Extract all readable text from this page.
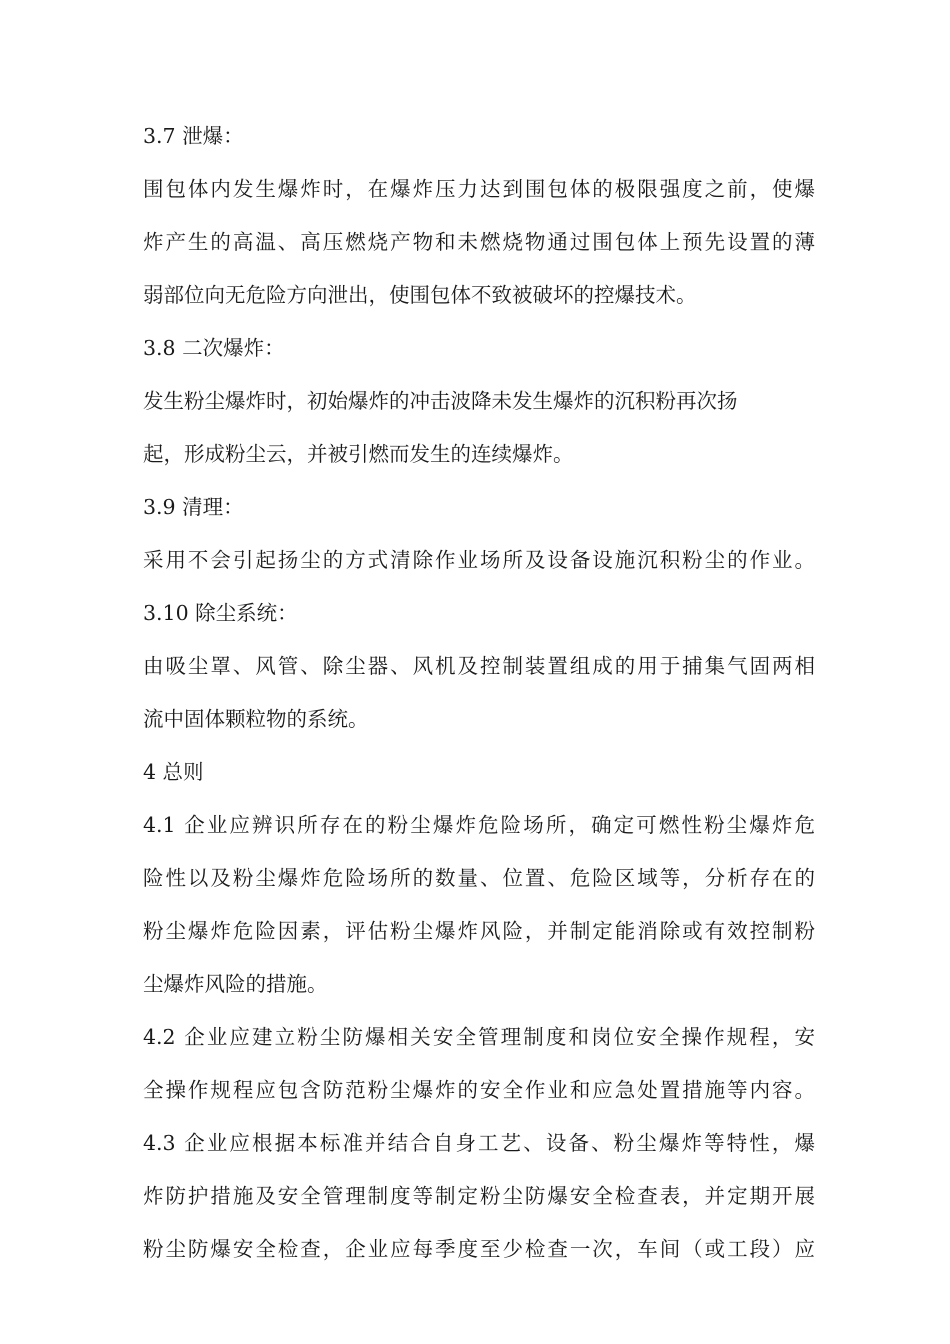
3.7 泄爆：
围包体内发生爆炸时，在爆炸压力达到围包体的极限强度之前，使爆
炸产生的高温、高压燃烧产物和未燃烧物通过围包体上预先设置的薄
弱部位向无危险方向泄出，使围包体不致被破坏的控爆技术。
3.8 二次爆炸：
发生粉尘爆炸时，初始爆炸的冲击波降未发生爆炸的沉积粉再次扬
起，形成粉尘云，并被引燃而发生的连续爆炸。
3.9 清理：
采用不会引起扬尘的方式清除作业场所及设备设施沉积粉尘的作业。
3.10 除尘系统：
由吸尘罩、风管、除尘器、风机及控制装置组成的用于捕集气固两相
流中固体颗粒物的系统。
4 总则
4.1 企业应辨识所存在的粉尘爆炸危险场所，确定可燃性粉尘爆炸危
险性以及粉尘爆炸危险场所的数量、位置、危险区域等，分析存在的
粉尘爆炸危险因素，评估粉尘爆炸风险，并制定能消除或有效控制粉
尘爆炸风险的措施。
4.2 企业应建立粉尘防爆相关安全管理制度和岗位安全操作规程，安
全操作规程应包含防范粉尘爆炸的安全作业和应急处置措施等内容。
4.3 企业应根据本标准并结合自身工艺、设备、粉尘爆炸等特性，爆
炸防护措施及安全管理制度等制定粉尘防爆安全检查表，并定期开展
粉尘防爆安全检查，企业应每季度至少检查一次，车间（或工段）应
